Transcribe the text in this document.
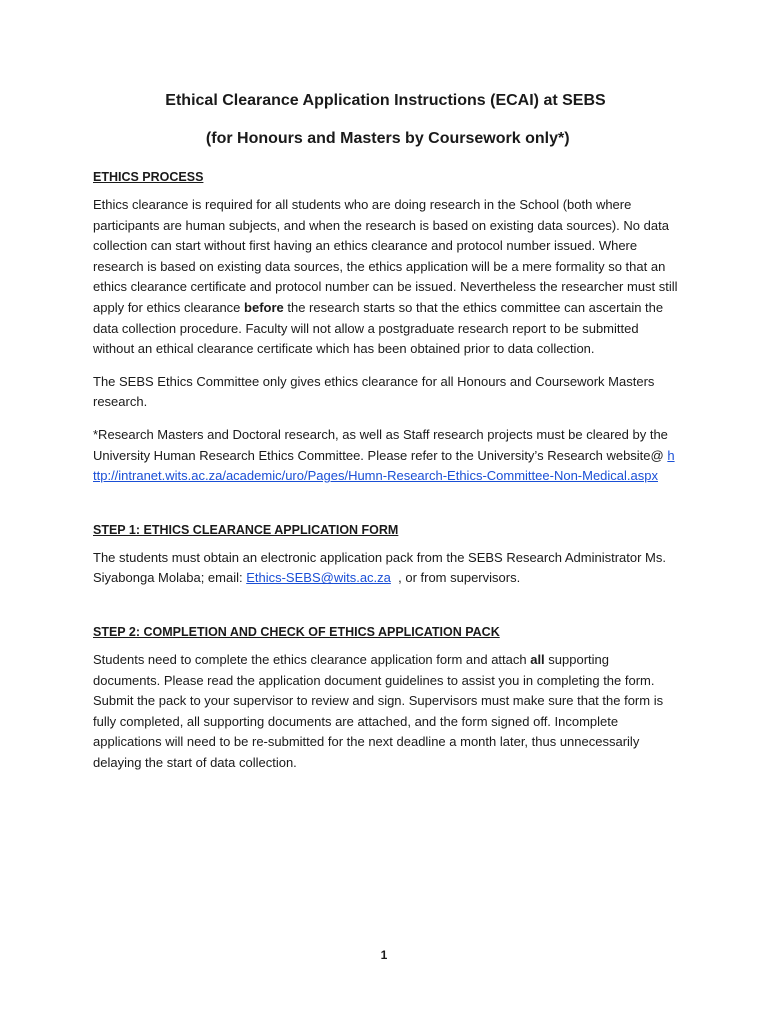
Ethical Clearance Application Instructions (ECAI) at SEBS
(for Honours and Masters by Coursework only*)
ETHICS PROCESS

Ethics clearance is required for all students who are doing research in the School (both where participants are human subjects, and when the research is based on existing data sources). No data collection can start without first having an ethics clearance and protocol number issued. Where research is based on existing data sources, the ethics application will be a mere formality so that an ethics clearance certificate and protocol number can be issued. Nevertheless the researcher must still apply for ethics clearance before the research starts so that the ethics committee can ascertain the data collection procedure. Faculty will not allow a postgraduate research report to be submitted without an ethical clearance certificate which has been obtained prior to data collection.

The SEBS Ethics Committee only gives ethics clearance for all Honours and Coursework Masters research.

*Research Masters and Doctoral research, as well as Staff research projects must be cleared by the University Human Research Ethics Committee. Please refer to the University’s Research website@ http://intranet.wits.ac.za/academic/uro/Pages/Humn-Research-Ethics-Committee-Non-Medical.aspx

STEP 1: ETHICS CLEARANCE APPLICATION FORM

The students must obtain an electronic application pack from the SEBS Research Administrator Ms. Siyabonga Molaba; email: Ethics-SEBS@wits.ac.za  , or from supervisors.

STEP 2: COMPLETION AND CHECK OF ETHICS APPLICATION PACK

Students need to complete the ethics clearance application form and attach all supporting documents. Please read the application document guidelines to assist you in completing the form. Submit the pack to your supervisor to review and sign. Supervisors must make sure that the form is fully completed, all supporting documents are attached, and the form signed off. Incomplete applications will need to be re-submitted for the next deadline a month later, thus unnecessarily delaying the start of data collection.

1
